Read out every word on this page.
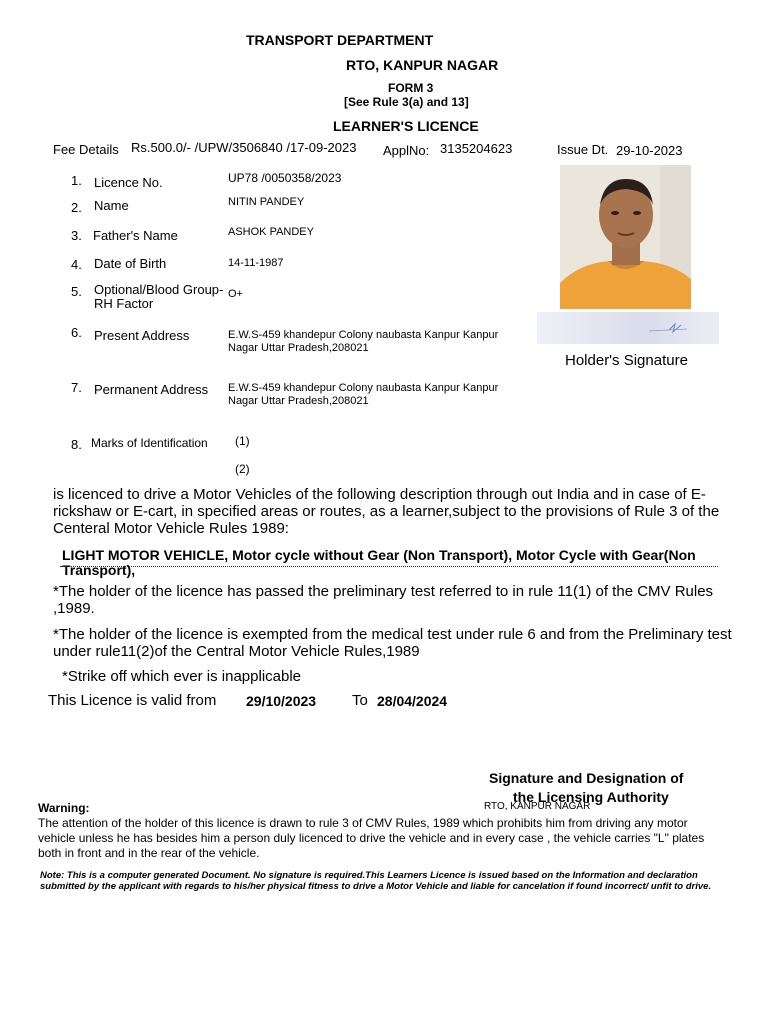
TRANSPORT DEPARTMENT
RTO, KANPUR NAGAR
FORM 3
[See Rule 3(a) and 13]
LEARNER'S LICENCE
Fee Details Rs.500.0/- /UPW/3506840 /17-09-2023 ApplNo: 3135204623	Issue Dt. 29-10-2023
1. Licence No.	UP78 /0050358/2023
2. Name	NITIN PANDEY
3. Father's Name	ASHOK PANDEY
4. Date of Birth	14-11-1987
5. Optional/Blood Group-RH Factor
O+
6. Present Address	E.W.S-459 khandepur Colony naubasta Kanpur Kanpur Nagar Uttar Pradesh,208021
7. Permanent Address E.W.S-459 khandepur Colony naubasta Kanpur Kanpur Nagar Uttar Pradesh,208021
8. Marks of Identification (1)
(2)
Holder's Signature
is licenced to drive a Motor Vehicles of the following description through out India and in case of E-rickshaw or E-cart, in specified areas or routes, as a learner,subject to the provisions of Rule 3 of the Centeral Motor Vehicle Rules 1989:
LIGHT MOTOR VEHICLE, Motor cycle without Gear (Non Transport), Motor Cycle with Gear(Non Transport),
*The holder of the licence has passed the preliminary test referred to in rule 11(1) of the CMV Rules ,1989.
*The holder of the licence is exempted from the medical test under rule 6 and from the Preliminary test under rule11(2)of the Central Motor Vehicle Rules,1989
*Strike off which ever is inapplicable
This Licence is valid from 29/10/2023 To 28/04/2024
Signature and Designation of
the Licensing Authority
RTO, KANPUR NAGAR
Warning:
The attention of the holder of this licence is drawn to rule 3 of CMV Rules, 1989 which prohibits him from driving any motor vehicle unless he has besides him a person duly licenced to drive the vehicle and in every case , the vehicle carries "L" plates both in front and in the rear of the vehicle.
Note: This is a computer generated Document. No signature is required.This Learners Licence is issued based on the Information and declaration submitted by the applicant with regards to his/her physical fitness to drive a Motor Vehicle and liable for cancelation if found incorrect/ unfit to drive.
